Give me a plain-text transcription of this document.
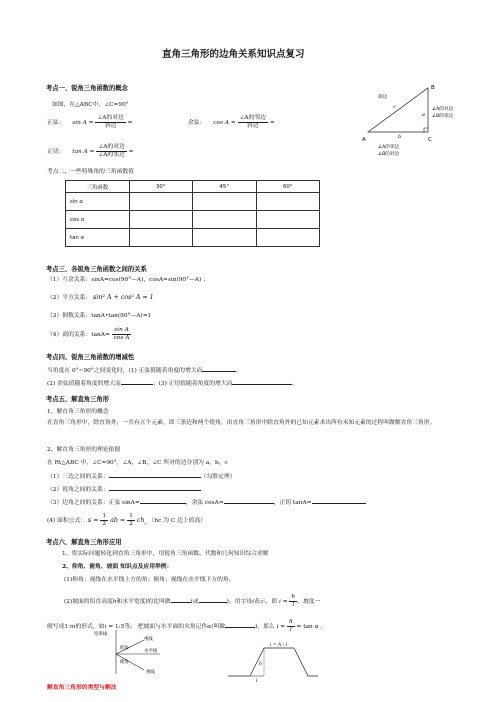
直角三角形的边角关系知识点复习
考点一、锐角三角函数的概念
如图，在△ABC中，∠C=90°
正弦： $\sin A = \frac{\text{∠A的对边}}{\text{斜边}}$ =	余弦： $\cos A = \frac{\text{∠A的邻边}}{\text{斜边}}$ =
正切： $\tan A = \frac{\text{∠A的对边}}{\text{∠A的邻边}}$ =
B
A	C
c
a
b
斜边
∠A的对边
∠B的邻边
∠A的邻边
∠B的对边
考点二、一些特殊角的三角函数值
三角函数	30°	45°	60°
sin α			
cos α			
tan α			
考点三、各锐角三角函数之间的关系
（1）互余关系：sinA=cos(90°—A)，cosA=sin(90°—A) ；
（2）平方关系： sin² A + cos² A = 1
（3）倒数关系：tanA•tan(90°—A)=1
（4）商的关系：$\tan A= \frac{\text{sin A}}{\text{cos A}}$
考点四、锐角三角函数的增减性
当角度在 0°~90°之间变化时，(1) 正弦值随着角度的增大而	。
(2) 余弦值随着角度的增大而	；(3) 正切值随着角度的增大而	。
考点五、解直角三角形
1、解直角三角形的概念
在直角三角形中，除直角外，一共有五个元素，即三条边和两个锐角，由直角三角形中除直角外的已知元素求出所有未知元素的过程叫做解直角三角形。
2、解直角三角形的理论依据
在 Rt△ABC 中，∠C=90°，∠A，∠B，∠C 所对的边分别为 a，b，c
（1）三边之间的关系：	（勾股定理）
（2）锐角之间的关系：
（3）边角之间的关系：正弦 sinA=	，余弦 cosA=	，正切 tanA=
(4) 面积公式： $s = \frac{1}{2}$ ab = $\frac{1}{2} ch_c$ （hc 为 C 边上的高）
考点六、解直角三角形应用
1、将实际问题转化到直角三角形中，用锐角三角函数、代数和几何知识综合求解
2、仰角、俯角、坡面 知识点及应用举例：
(1)仰角：视线在水平线上方的角；俯角：视线在水平线下方的角。
(2)坡面的铅直高度h和水平宽度l的比叫做	(或	)。用字母i表示，即 $i = \frac{h}{l}$ 。坡度一
般写成1:m的形式，如i = 1:5等。 把坡面与水平面的夹角记作α(叫做	)，那么 $i = \frac{h}{l} = \tan \alpha$ 。
铅垂线
水平线
视线
仰角
俯角
视线
i = h : l
h
l
解直角三角形的类型与解法
